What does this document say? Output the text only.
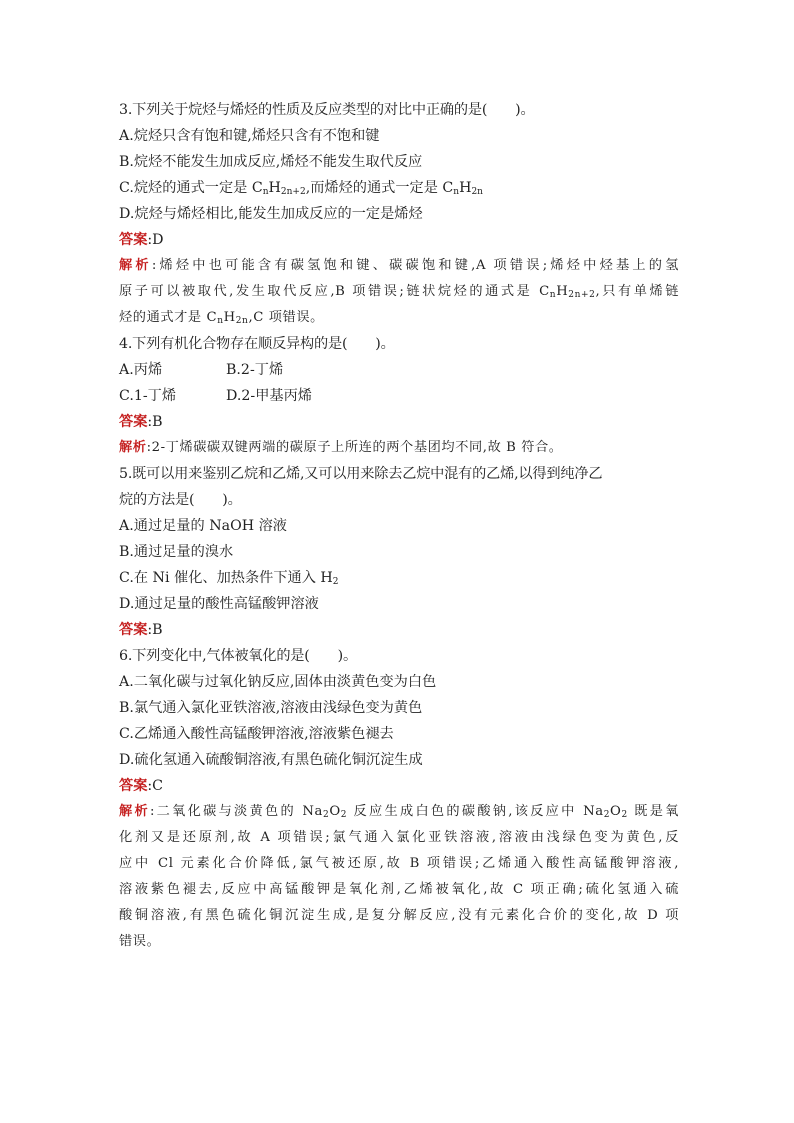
3.下列关于烷烃与烯烃的性质及反应类型的对比中正确的是(　　)。
A.烷烃只含有饱和键,烯烃只含有不饱和键
B.烷烃不能发生加成反应,烯烃不能发生取代反应
C.烷烃的通式一定是 $C_nH_{2n+2}$,而烯烃的通式一定是 $C_nH_{2n}$
D.烷烃与烯烃相比,能发生加成反应的一定是烯烃
答案:D
解析:烯烃中也可能含有碳氢饱和键、碳碳饱和键,A 项错误;烯烃中烃基上的氢
原子可以被取代,发生取代反应,B 项错误;链状烷烃的通式是 $C_nH_{2n+2}$,只有单烯链
烃的通式才是 $C_nH_{2n},C$ 项错误。
4.下列有机化合物存在顺反异构的是(　　)。
A.丙烯	B.2-丁烯
C.1-丁烯	D.2-甲基丙烯
答案:B
解析:2-丁烯碳碳双键两端的碳原子上所连的两个基团均不同,故 B 符合。
5.既可以用来鉴别乙烷和乙烯,又可以用来除去乙烷中混有的乙烯,以得到纯净乙
烷的方法是(　　)。
A.通过足量的 NaOH 溶液
B.通过足量的溴水
C.在 Ni 催化、加热条件下通入 $H_2$
D.通过足量的酸性高锰酸钾溶液
答案:B
6.下列变化中,气体被氧化的是(　　)。
A.二氧化碳与过氧化钠反应,固体由淡黄色变为白色
B.氯气通入氯化亚铁溶液,溶液由浅绿色变为黄色
C.乙烯通入酸性高锰酸钾溶液,溶液紫色褪去
D.硫化氢通入硫酸铜溶液,有黑色硫化铜沉淀生成
答案:C
解析:二氧化碳与淡黄色的 $Na_2O_2$ 反应生成白色的碳酸钠,该反应中 $Na_2O_2$ 既是氧
化剂又是还原剂,故 A 项错误;氯气通入氯化亚铁溶液,溶液由浅绿色变为黄色,反
应中 Cl 元素化合价降低,氯气被还原,故 B 项错误;乙烯通入酸性高锰酸钾溶液,
溶液紫色褪去,反应中高锰酸钾是氧化剂,乙烯被氧化,故 C 项正确;硫化氢通入硫
酸铜溶液,有黑色硫化铜沉淀生成,是复分解反应,没有元素化合价的变化,故 D 项
错误。
